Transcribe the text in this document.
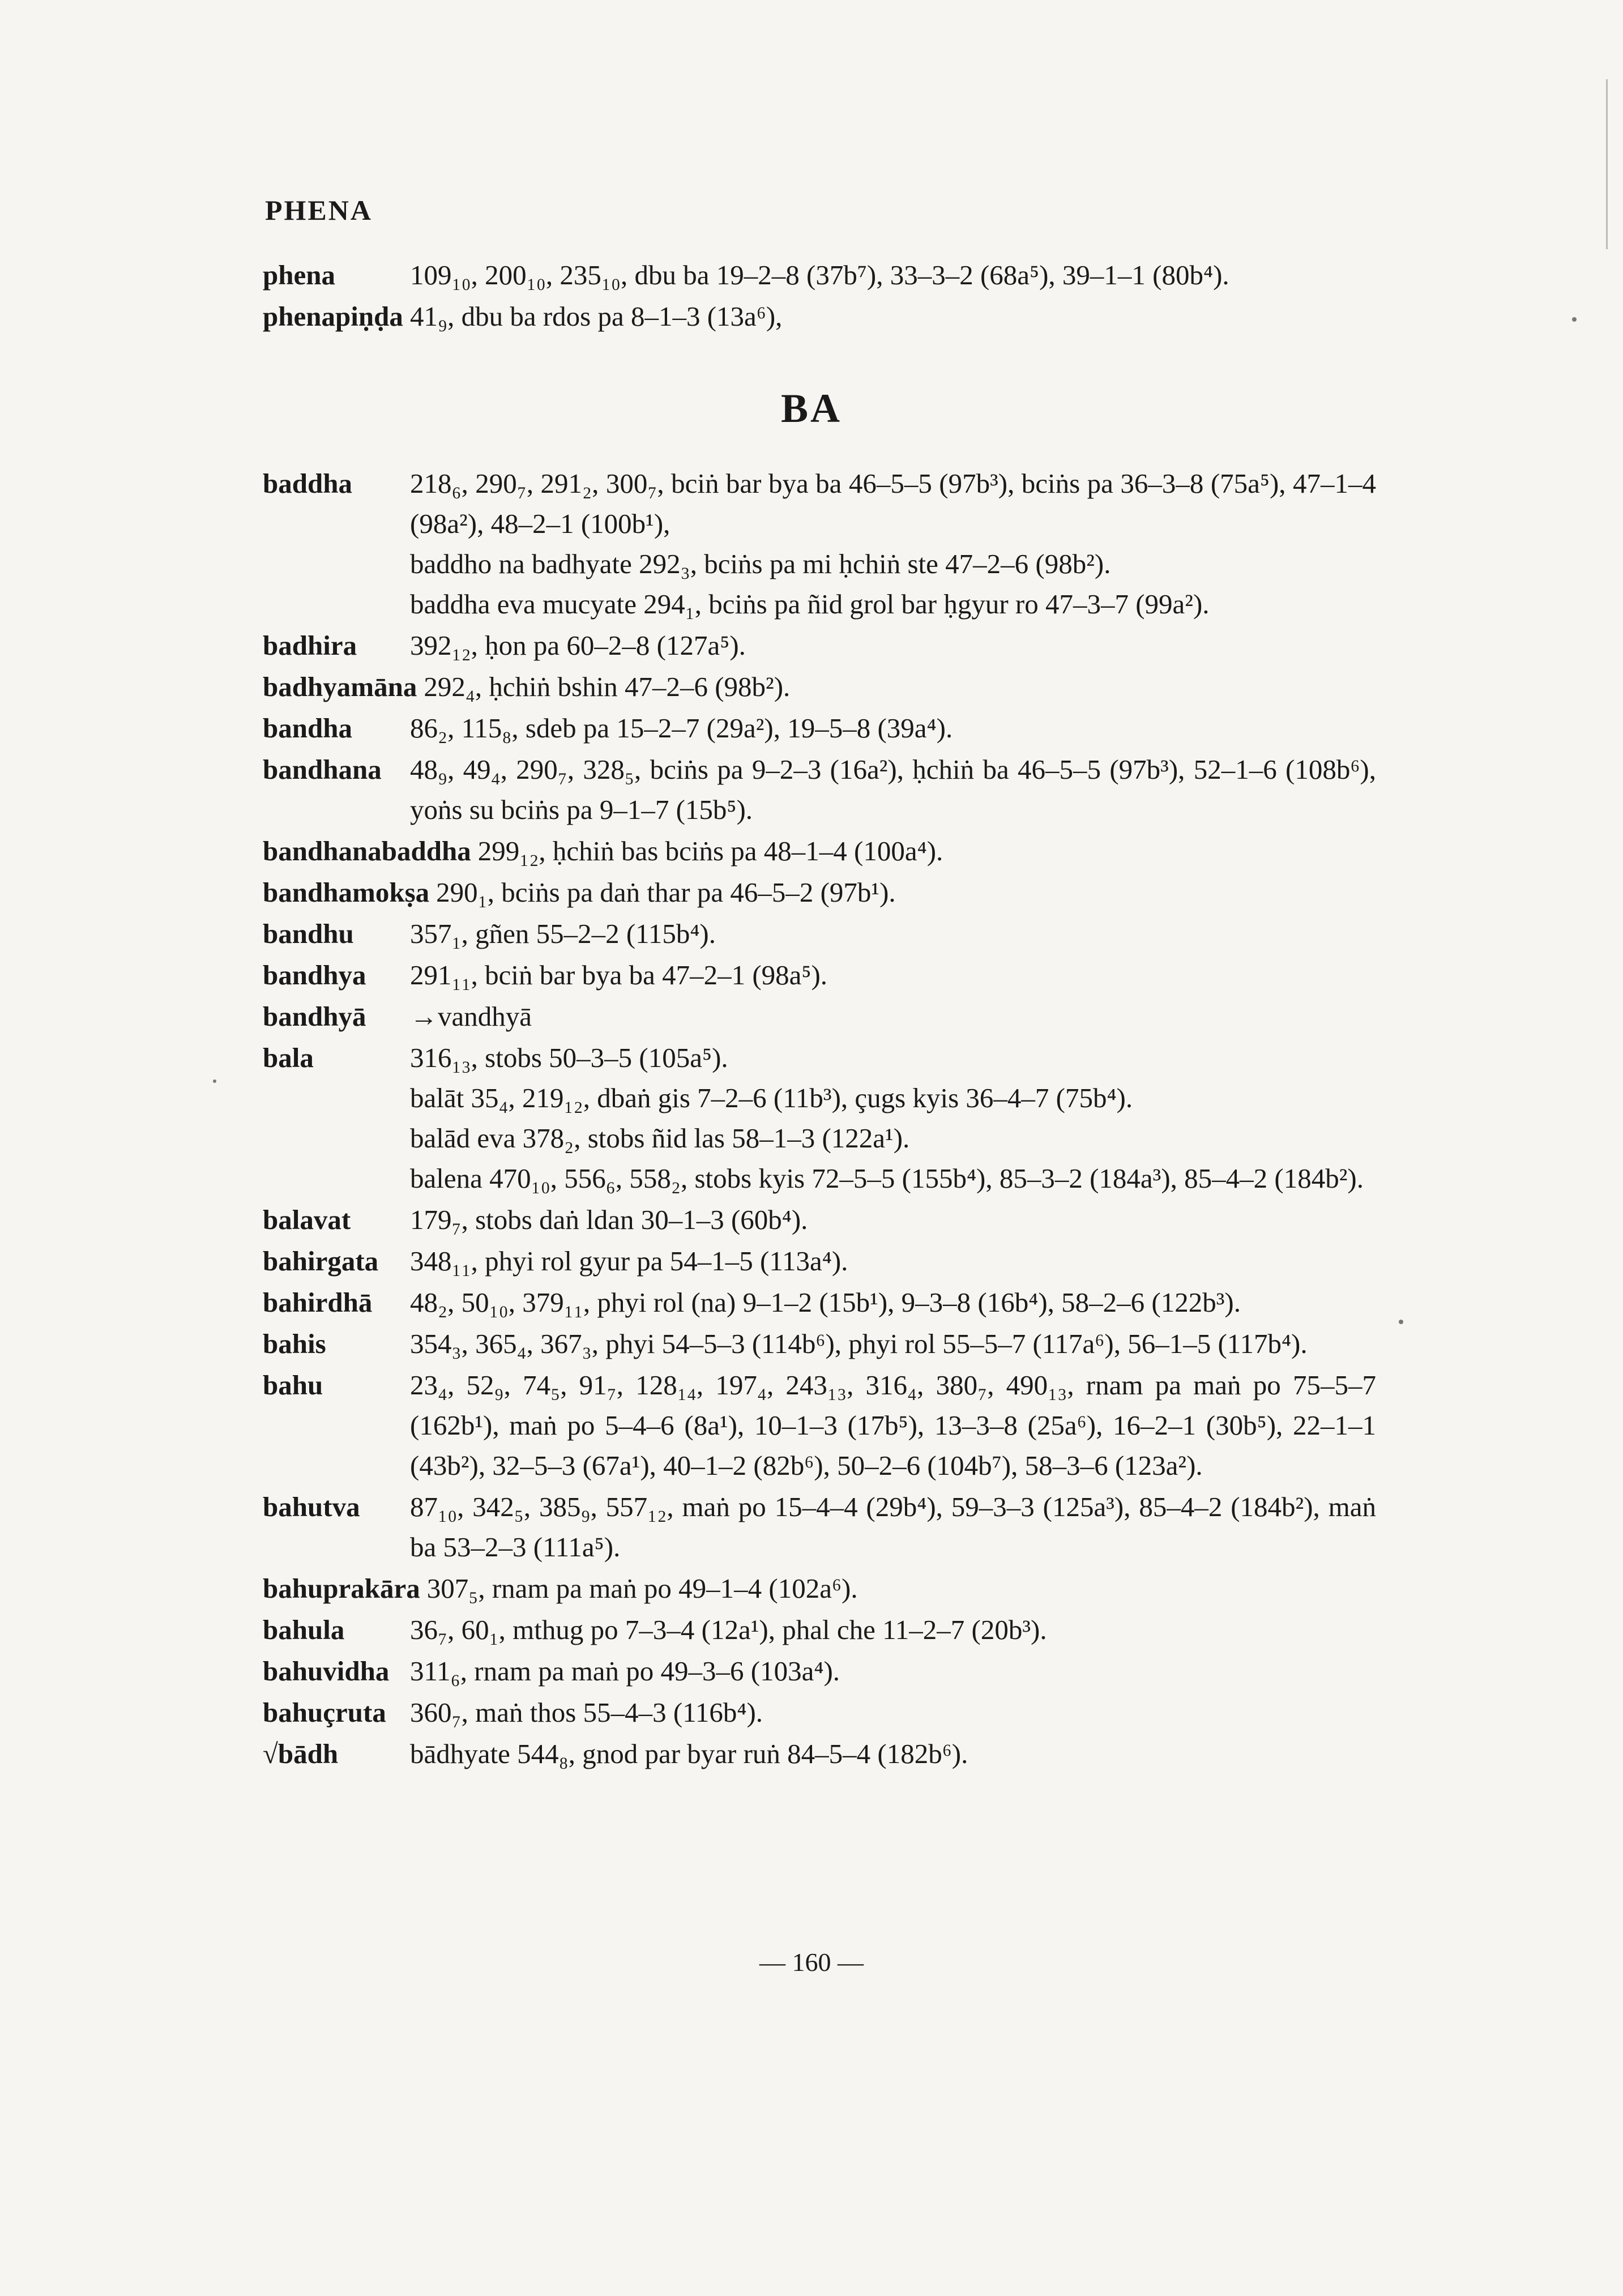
PHENA
phena	109₁₀, 200₁₀, 235₁₀, dbu ba 19–2–8 (37b⁷), 33–3–2 (68a⁵), 39–1–1 (80b⁴).
phenapiṇḍa 41₉, dbu ba rdos pa 8–1–3 (13a⁶),
BA
baddha	218₆, 290₇, 291₂, 300₇, bciṅ bar bya ba 46–5–5 (97b³), bciṅs pa 36–3–8 (75a⁵), 47–1–4 (98a²), 48–2–1 (100b¹),
baddho na badhyate 292₃, bciṅs pa mi ḥchiṅ ste 47–2–6 (98b²).
baddha eva mucyate 294₁, bciṅs pa ñid grol bar ḥgyur ro 47–3–7 (99a²).
badhira	392₁₂, ḥon pa 60–2–8 (127a⁵).
badhyamāna 292₄, ḥchiṅ bshin 47–2–6 (98b²).
bandha	86₂, 115₈, sdeb pa 15–2–7 (29a²), 19–5–8 (39a⁴).
bandhana	48₉, 49₄, 290₇, 328₅, bciṅs pa 9–2–3 (16a²), ḥchiṅ ba 46–5–5 (97b³), 52–1–6 (108b⁶), yoṅs su bciṅs pa 9–1–7 (15b⁵).
bandhanabaddha 299₁₂, ḥchiṅ bas bciṅs pa 48–1–4 (100a⁴).
bandhamokṣa 290₁, bciṅs pa daṅ thar pa 46–5–2 (97b¹).
bandhu	357₁, gñen 55–2–2 (115b⁴).
bandhya	291₁₁, bciṅ bar bya ba 47–2–1 (98a⁵).
bandhyā	→vandhyā
bala	316₁₃, stobs 50–3–5 (105a⁵).
balāt 35₄, 219₁₂, dbaṅ gis 7–2–6 (11b³), çugs kyis 36–4–7 (75b⁴).
balād eva 378₂, stobs ñid las 58–1–3 (122a¹).
balena 470₁₀, 556₆, 558₂, stobs kyis 72–5–5 (155b⁴), 85–3–2 (184a³), 85–4–2 (184b²).
balavat	179₇, stobs daṅ ldan 30–1–3 (60b⁴).
bahirgata	348₁₁, phyi rol gyur pa 54–1–5 (113a⁴).
bahirdhā	48₂, 50₁₀, 379₁₁, phyi rol (na) 9–1–2 (15b¹), 9–3–8 (16b⁴), 58–2–6 (122b³).
bahis	354₃, 365₄, 367₃, phyi 54–5–3 (114b⁶), phyi rol 55–5–7 (117a⁶), 56–1–5 (117b⁴).
bahu	23₄, 52₉, 74₅, 91₇, 128₁₄, 197₄, 243₁₃, 316₄, 380₇, 490₁₃, rnam pa maṅ po 75–5–7 (162b¹), maṅ po 5–4–6 (8a¹), 10–1–3 (17b⁵), 13–3–8 (25a⁶), 16–2–1 (30b⁵), 22–1–1 (43b²), 32–5–3 (67a¹), 40–1–2 (82b⁶), 50–2–6 (104b⁷), 58–3–6 (123a²).
bahutva	87₁₀, 342₅, 385₉, 557₁₂, maṅ po 15–4–4 (29b⁴), 59–3–3 (125a³), 85–4–2 (184b²), maṅ ba 53–2–3 (111a⁵).
bahuprakāra 307₅, rnam pa maṅ po 49–1–4 (102a⁶).
bahula	36₇, 60₁, mthug po 7–3–4 (12a¹), phal che 11–2–7 (20b³).
bahuvidha 311₆, rnam pa maṅ po 49–3–6 (103a⁴).
bahuçruta 360₇, maṅ thos 55–4–3 (116b⁴).
√bādh	bādhyate 544₈, gnod par byar ruṅ 84–5–4 (182b⁶).
— 160 —
